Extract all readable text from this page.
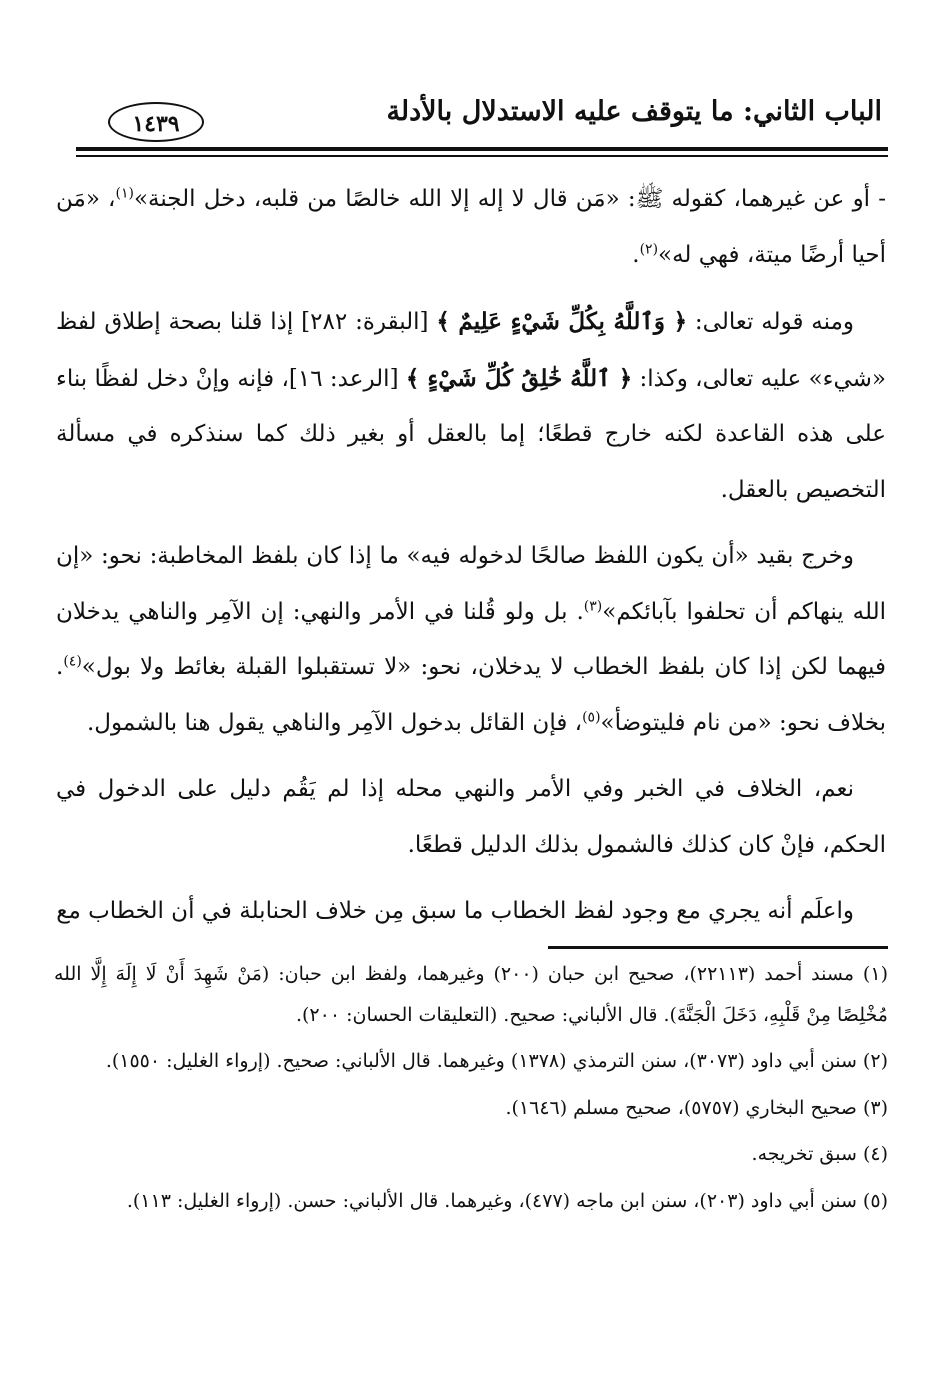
الباب الثاني: ما يتوقف عليه الاستدلال بالأدلة
١٤٣٩

- أو عن غيرهما، كقوله ﷺ: «مَن قال لا إله إلا الله خالصًا من قلبه، دخل الجنة»$^{(١)}$، «مَن أحيا أرضًا ميتة، فهي له»$^{(٢)}$.

ومنه قوله تعالى: ﴿ وَٱللَّهُ بِكُلِّ شَيْءٍ عَلِيمٌ ﴾ [البقرة: ٢٨٢] إذا قلنا بصحة إطلاق لفظ «شيء» عليه تعالى، وكذا: ﴿ ٱللَّهُ خَٰلِقُ كُلِّ شَيْءٍ ﴾ [الرعد: ١٦]، فإنه وإنْ دخل لفظًا بناء على هذه القاعدة لكنه خارج قطعًا؛ إما بالعقل أو بغير ذلك كما سنذكره في مسألة التخصيص بالعقل.

وخرج بقيد «أن يكون اللفظ صالحًا لدخوله فيه» ما إذا كان بلفظ المخاطبة: نحو: «إن الله ينهاكم أن تحلفوا بآبائكم»$^{(٣)}$. بل ولو قُلنا في الأمر والنهي: إن الآمِر والناهي يدخلان فيهما لكن إذا كان بلفظ الخطاب لا يدخلان، نحو: «لا تستقبلوا القبلة بغائط ولا بول»$^{(٤)}$. بخلاف نحو: «من نام فليتوضأ»$^{(٥)}$، فإن القائل بدخول الآمِر والناهي يقول هنا بالشمول.

نعم، الخلاف في الخبر وفي الأمر والنهي محله إذا لم يَقُم دليل على الدخول في الحكم، فإنْ كان كذلك فالشمول بذلك الدليل قطعًا.

واعلَم أنه يجري مع وجود لفظ الخطاب ما سبق مِن خلاف الحنابلة في أن الخطاب مع

(١) مسند أحمد (٢٢١١٣)، صحيح ابن حبان (٢٠٠) وغيرهما، ولفظ ابن حبان: (مَنْ شَهِدَ أَنْ لَا إِلَهَ إِلَّا الله مُخْلِصًا مِنْ قَلْبِهِ، دَخَلَ الْجَنَّةَ). قال الألباني: صحيح. (التعليقات الحسان: ٢٠٠).
(٢) سنن أبي داود (٣٠٧٣)، سنن الترمذي (١٣٧٨) وغيرهما. قال الألباني: صحيح. (إرواء الغليل: ١٥٥٠).
(٣) صحيح البخاري (٥٧٥٧)، صحيح مسلم (١٦٤٦).
(٤) سبق تخريجه.
(٥) سنن أبي داود (٢٠٣)، سنن ابن ماجه (٤٧٧)، وغيرهما. قال الألباني: حسن. (إرواء الغليل: ١١٣).
